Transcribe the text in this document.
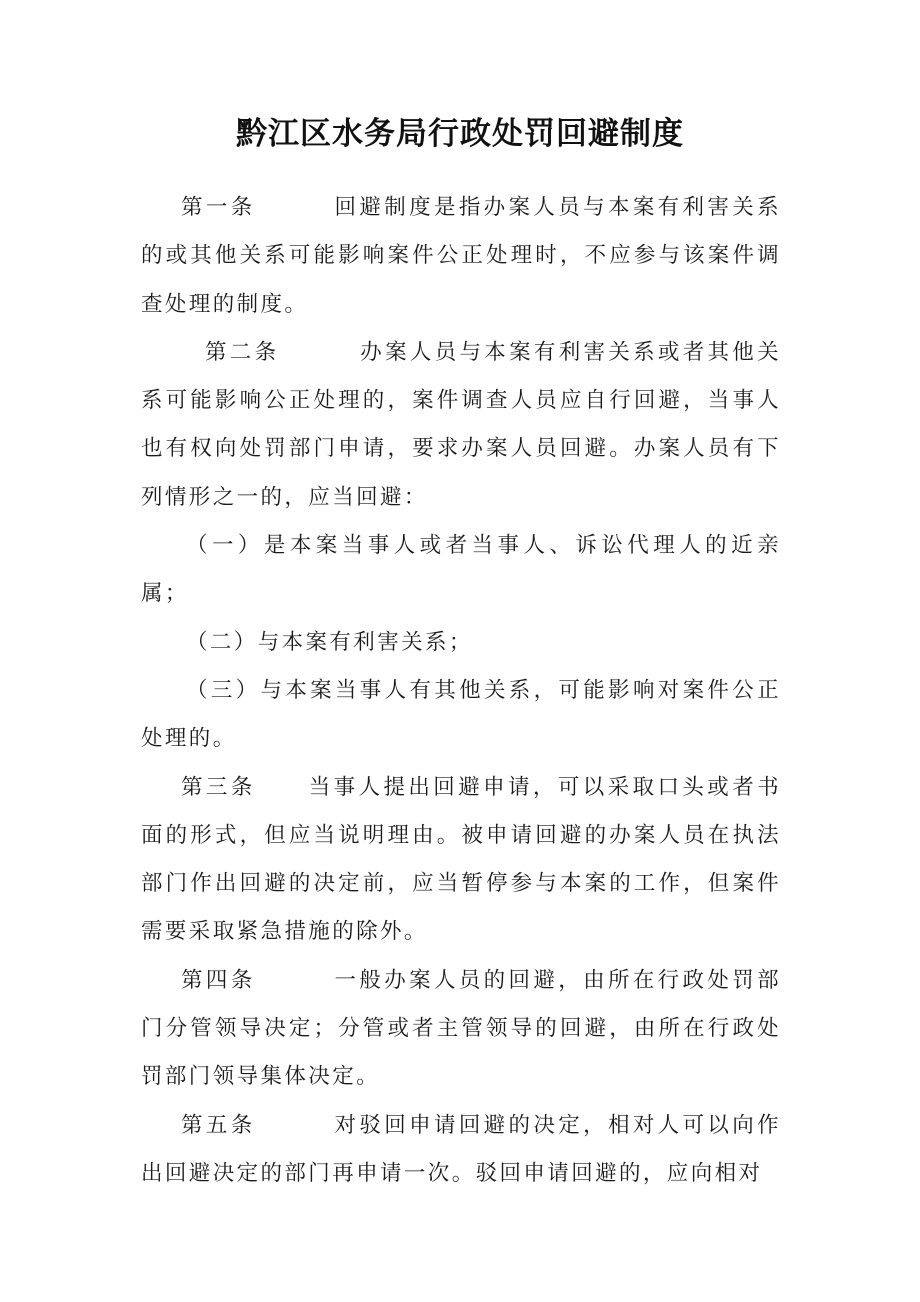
黔江区水务局行政处罚回避制度

第一条	回避制度是指办案人员与本案有利害关系的或其他关系可能影响案件公正处理时，不应参与该案件调查处理的制度。

第二条	办案人员与本案有利害关系或者其他关系可能影响公正处理的，案件调查人员应自行回避，当事人也有权向处罚部门申请，要求办案人员回避。办案人员有下列情形之一的，应当回避：

（一）是本案当事人或者当事人、诉讼代理人的近亲属；

（二）与本案有利害关系；

（三）与本案当事人有其他关系，可能影响对案件公正处理的。

第三条 当事人提出回避申请，可以采取口头或者书面的形式，但应当说明理由。被申请回避的办案人员在执法部门作出回避的决定前，应当暂停参与本案的工作，但案件需要采取紧急措施的除外。

第四条	一般办案人员的回避，由所在行政处罚部门分管领导决定；分管或者主管领导的回避，由所在行政处罚部门领导集体决定。

第五条	对驳回申请回避的决定，相对人可以向作出回避决定的部门再申请一次。驳回申请回避的，应向相对
